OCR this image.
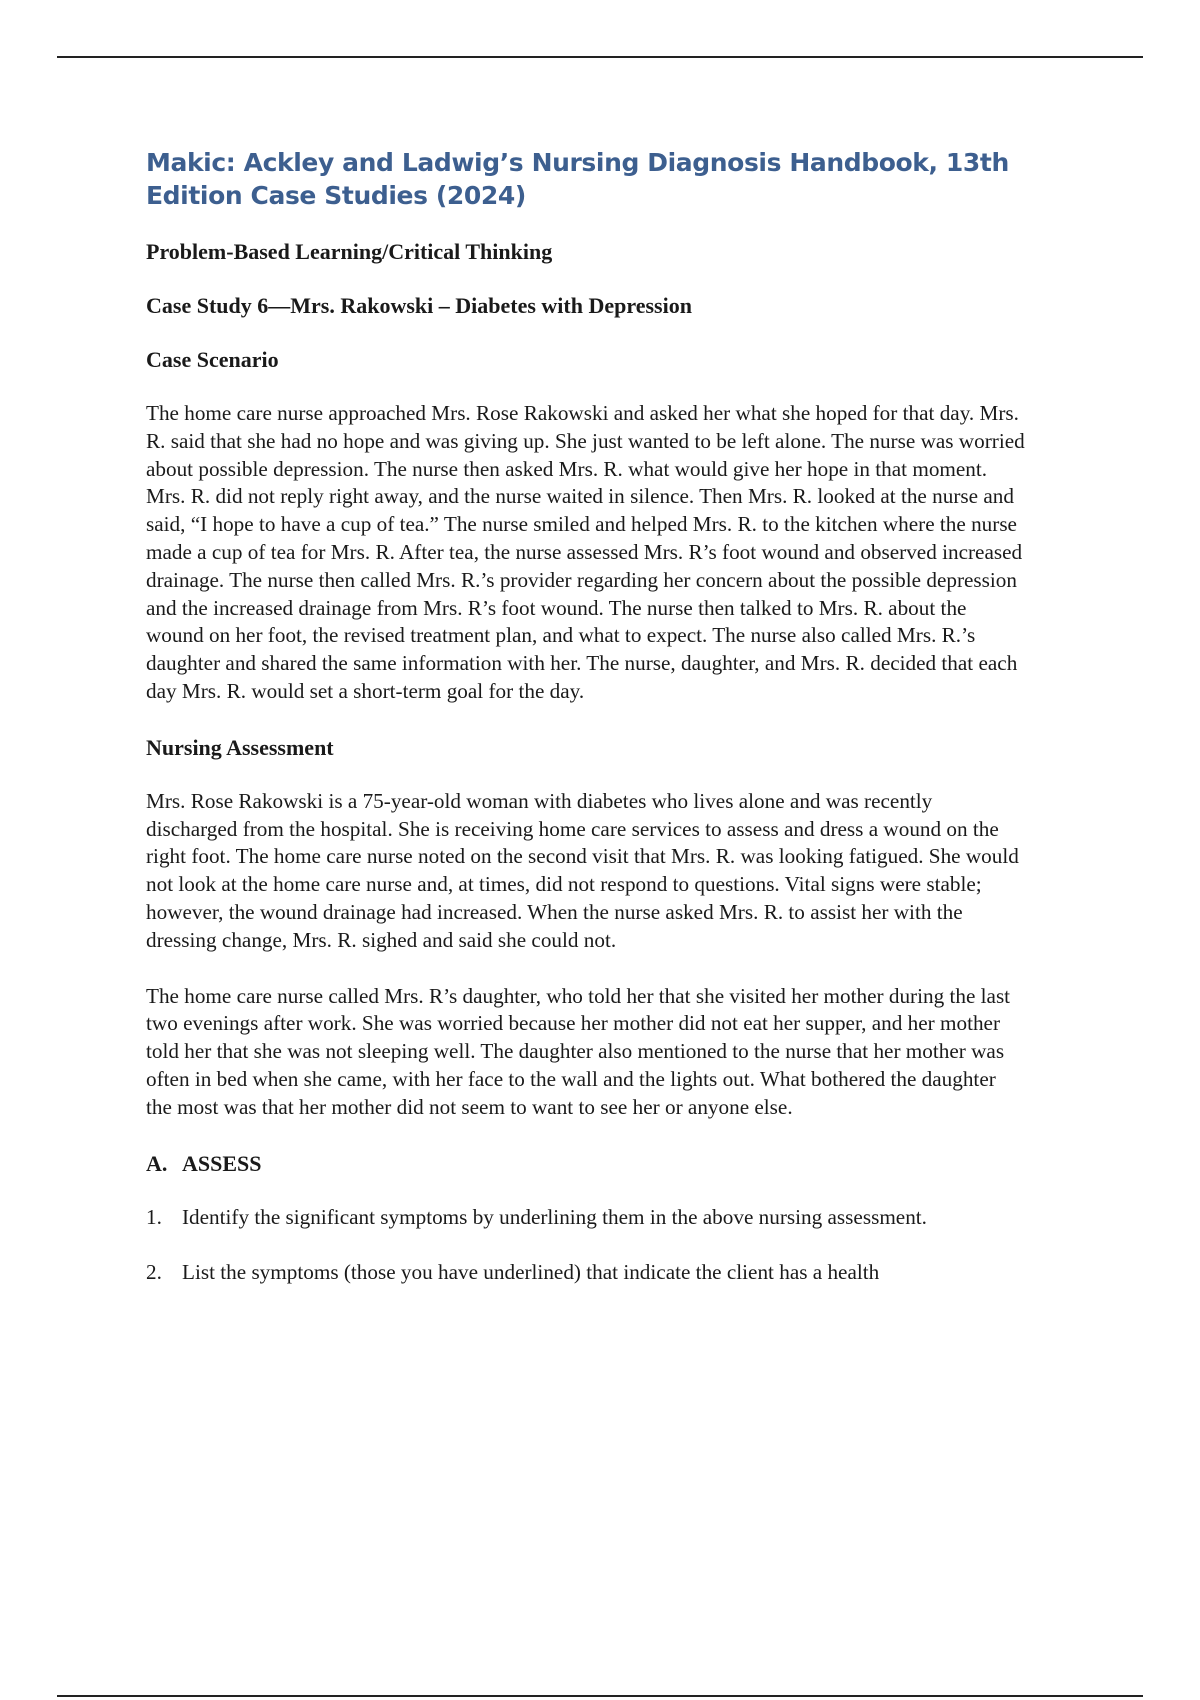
Makic: Ackley and Ladwig’s Nursing Diagnosis Handbook, 13th Edition Case Studies (2024)
Problem-Based Learning/Critical Thinking
Case Study 6—Mrs. Rakowski – Diabetes with Depression
Case Scenario

The home care nurse approached Mrs. Rose Rakowski and asked her what she hoped for that day. Mrs. R. said that she had no hope and was giving up. She just wanted to be left alone. The nurse was worried about possible depression. The nurse then asked Mrs. R. what would give her hope in that moment. Mrs. R. did not reply right away, and the nurse waited in silence. Then Mrs. R. looked at the nurse and said, “I hope to have a cup of tea.” The nurse smiled and helped Mrs. R. to the kitchen where the nurse made a cup of tea for Mrs. R. After tea, the nurse assessed Mrs. R’s foot wound and observed increased drainage. The nurse then called Mrs. R.’s provider regarding her concern about the possible depression and the increased drainage from Mrs. R’s foot wound. The nurse then talked to Mrs. R. about the wound on her foot, the revised treatment plan, and what to expect. The nurse also called Mrs. R.’s daughter and shared the same information with her. The nurse, daughter, and Mrs. R. decided that each day Mrs. R. would set a short-term goal for the day.

Nursing Assessment

Mrs. Rose Rakowski is a 75-year-old woman with diabetes who lives alone and was recently discharged from the hospital. She is receiving home care services to assess and dress a wound on the right foot. The home care nurse noted on the second visit that Mrs. R. was looking fatigued. She would not look at the home care nurse and, at times, did not respond to questions. Vital signs were stable; however, the wound drainage had increased. When the nurse asked Mrs. R. to assist her with the dressing change, Mrs. R. sighed and said she could not.

The home care nurse called Mrs. R’s daughter, who told her that she visited her mother during the last two evenings after work. She was worried because her mother did not eat her supper, and her mother told her that she was not sleeping well. The daughter also mentioned to the nurse that her mother was often in bed when she came, with her face to the wall and the lights out. What bothered the daughter the most was that her mother did not seem to want to see her or anyone else.

A. ASSESS
1. Identify the significant symptoms by underlining them in the above nursing assessment.
2. List the symptoms (those you have underlined) that indicate the client has a health
